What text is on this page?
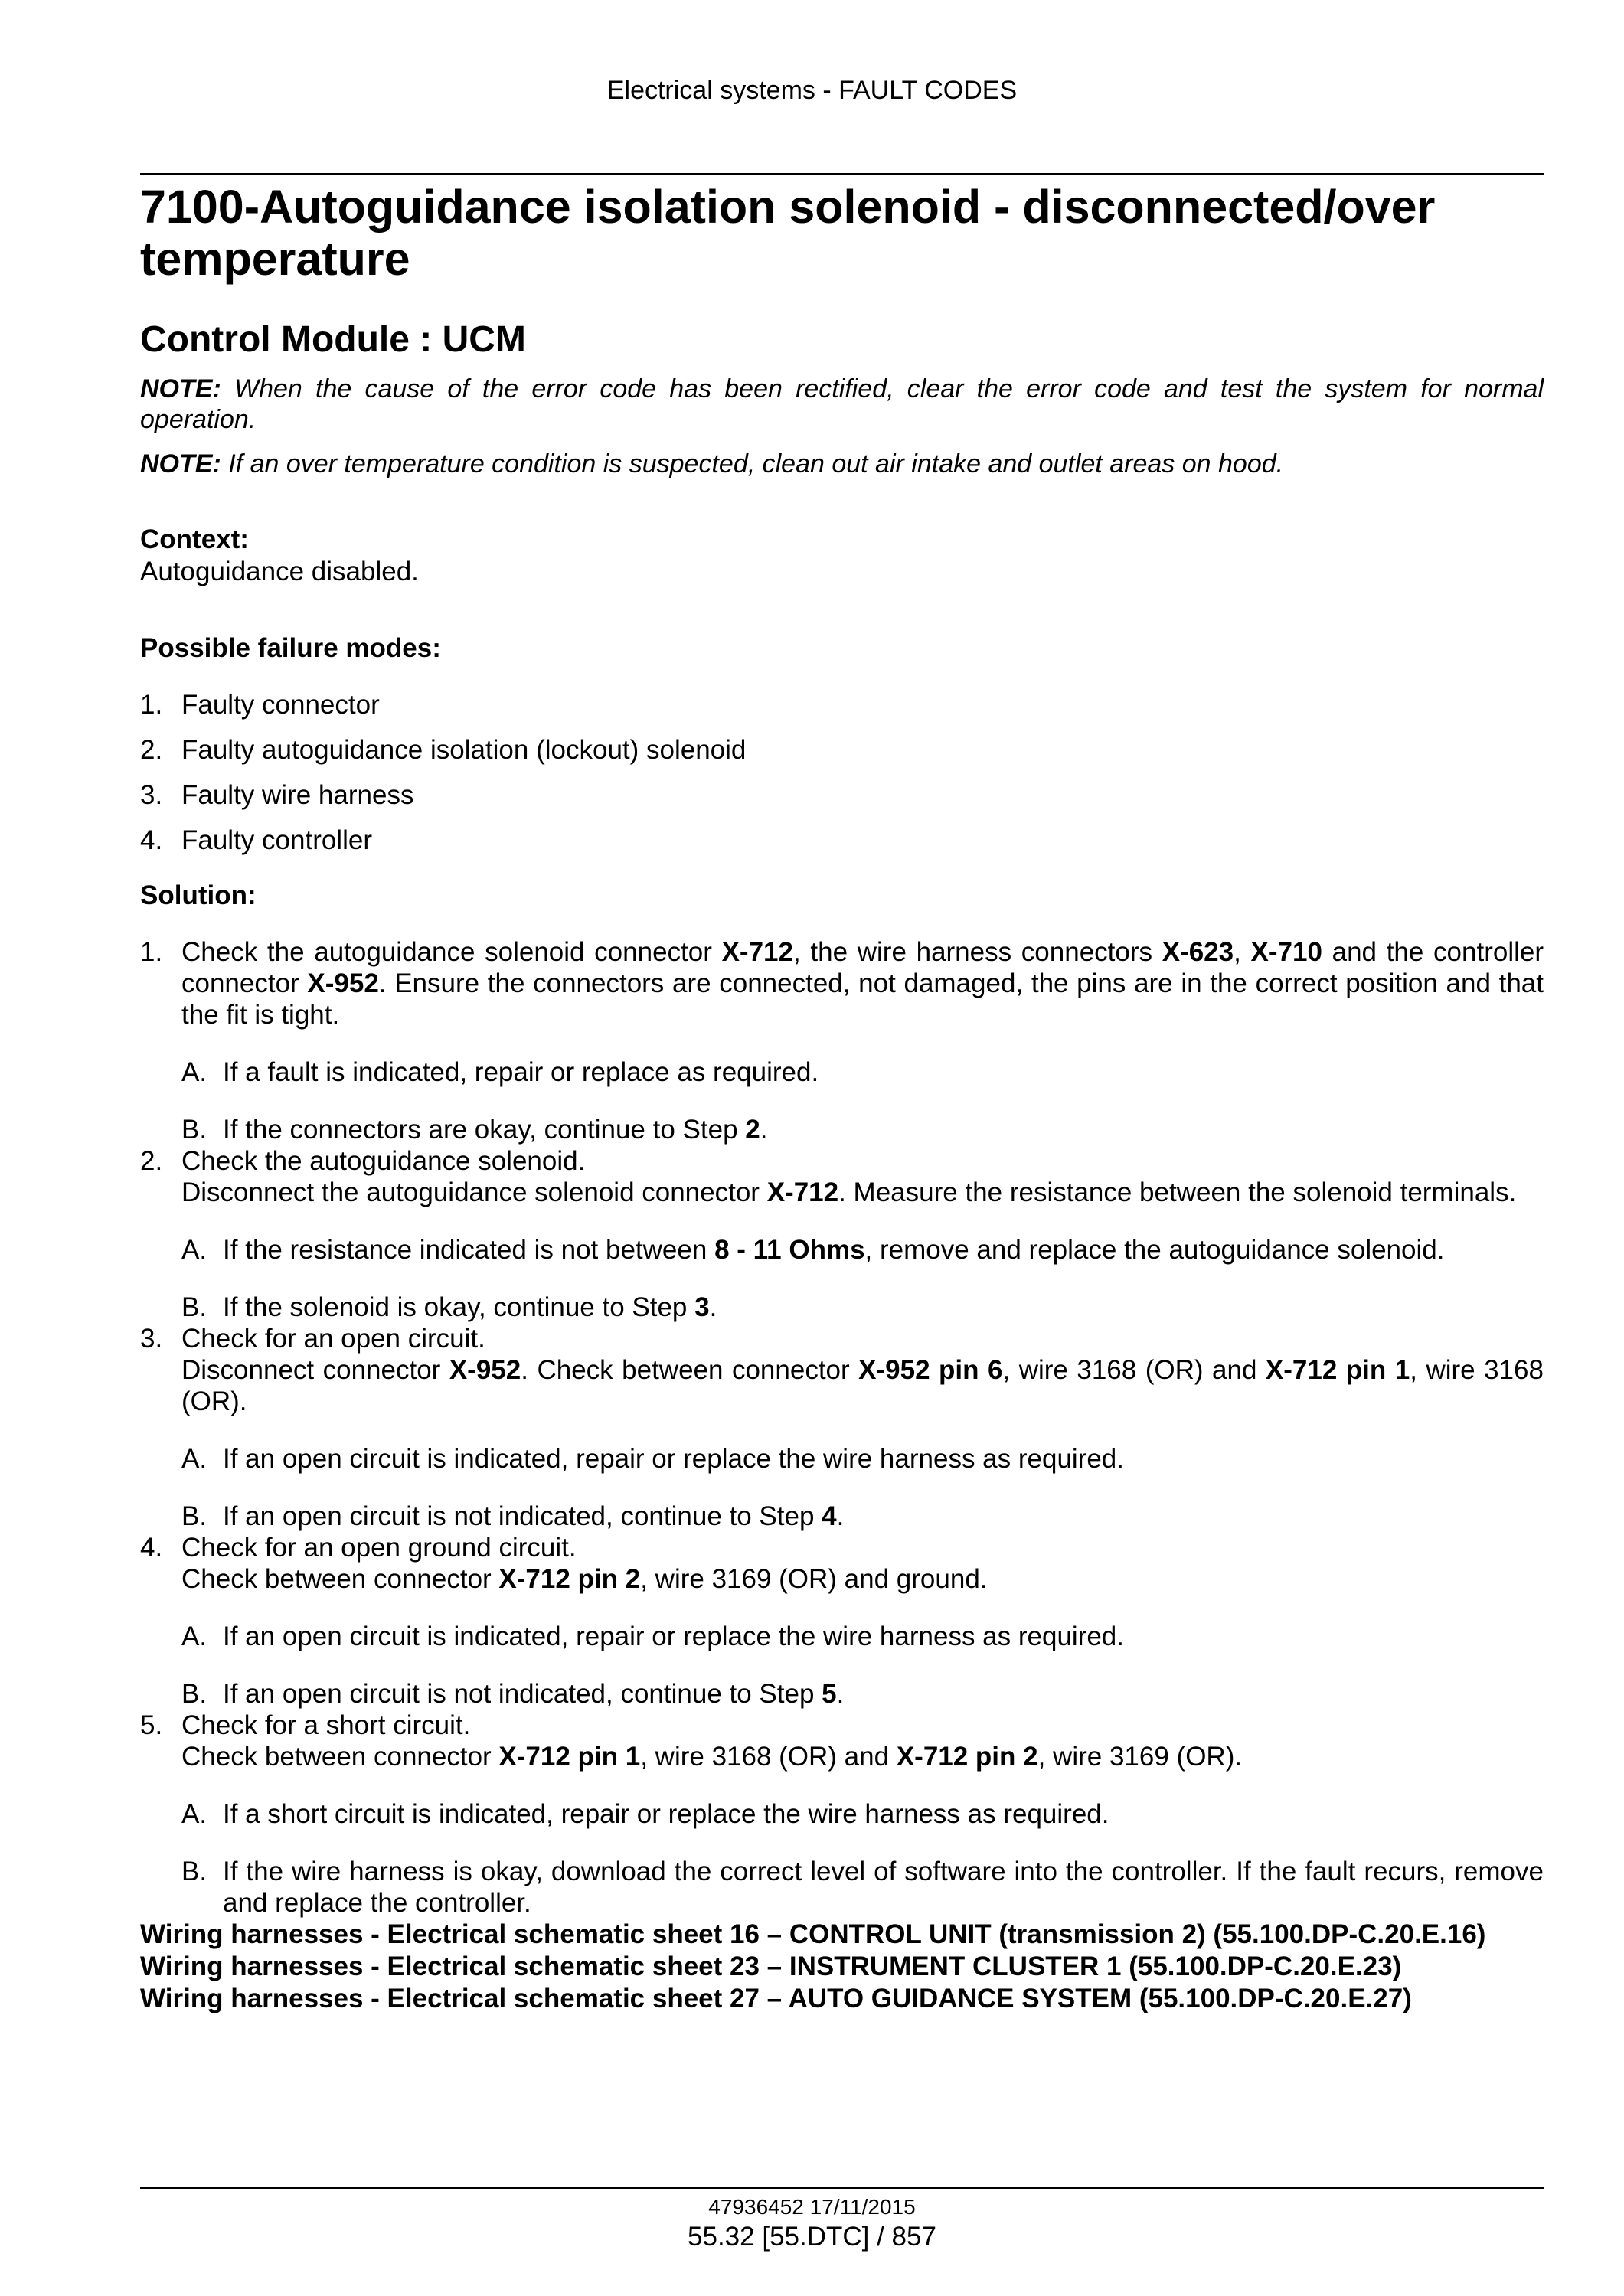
Electrical systems - FAULT CODES
7100-Autoguidance isolation solenoid - disconnected/over temperature
Control Module : UCM
NOTE: When the cause of the error code has been rectified, clear the error code and test the system for normal operation.
NOTE: If an over temperature condition is suspected, clean out air intake and outlet areas on hood.
Context:
Autoguidance disabled.
Possible failure modes:
1. Faulty connector
2. Faulty autoguidance isolation (lockout) solenoid
3. Faulty wire harness
4. Faulty controller
Solution:
1. Check the autoguidance solenoid connector X-712, the wire harness connectors X-623, X-710 and the controller connector X-952. Ensure the connectors are connected, not damaged, the pins are in the correct position and that the fit is tight.
A. If a fault is indicated, repair or replace as required.
B. If the connectors are okay, continue to Step 2.
2. Check the autoguidance solenoid.
Disconnect the autoguidance solenoid connector X-712. Measure the resistance between the solenoid terminals.
A. If the resistance indicated is not between 8 - 11 Ohms, remove and replace the autoguidance solenoid.
B. If the solenoid is okay, continue to Step 3.
3. Check for an open circuit.
Disconnect connector X-952. Check between connector X-952 pin 6, wire 3168 (OR) and X-712 pin 1, wire 3168 (OR).
A. If an open circuit is indicated, repair or replace the wire harness as required.
B. If an open circuit is not indicated, continue to Step 4.
4. Check for an open ground circuit.
Check between connector X-712 pin 2, wire 3169 (OR) and ground.
A. If an open circuit is indicated, repair or replace the wire harness as required.
B. If an open circuit is not indicated, continue to Step 5.
5. Check for a short circuit.
Check between connector X-712 pin 1, wire 3168 (OR) and X-712 pin 2, wire 3169 (OR).
A. If a short circuit is indicated, repair or replace the wire harness as required.
B. If the wire harness is okay, download the correct level of software into the controller. If the fault recurs, remove and replace the controller.
Wiring harnesses - Electrical schematic sheet 16 – CONTROL UNIT (transmission 2) (55.100.DP-C.20.E.16)
Wiring harnesses - Electrical schematic sheet 23 – INSTRUMENT CLUSTER 1 (55.100.DP-C.20.E.23)
Wiring harnesses - Electrical schematic sheet 27 – AUTO GUIDANCE SYSTEM (55.100.DP-C.20.E.27)
47936452 17/11/2015
55.32 [55.DTC] / 857
